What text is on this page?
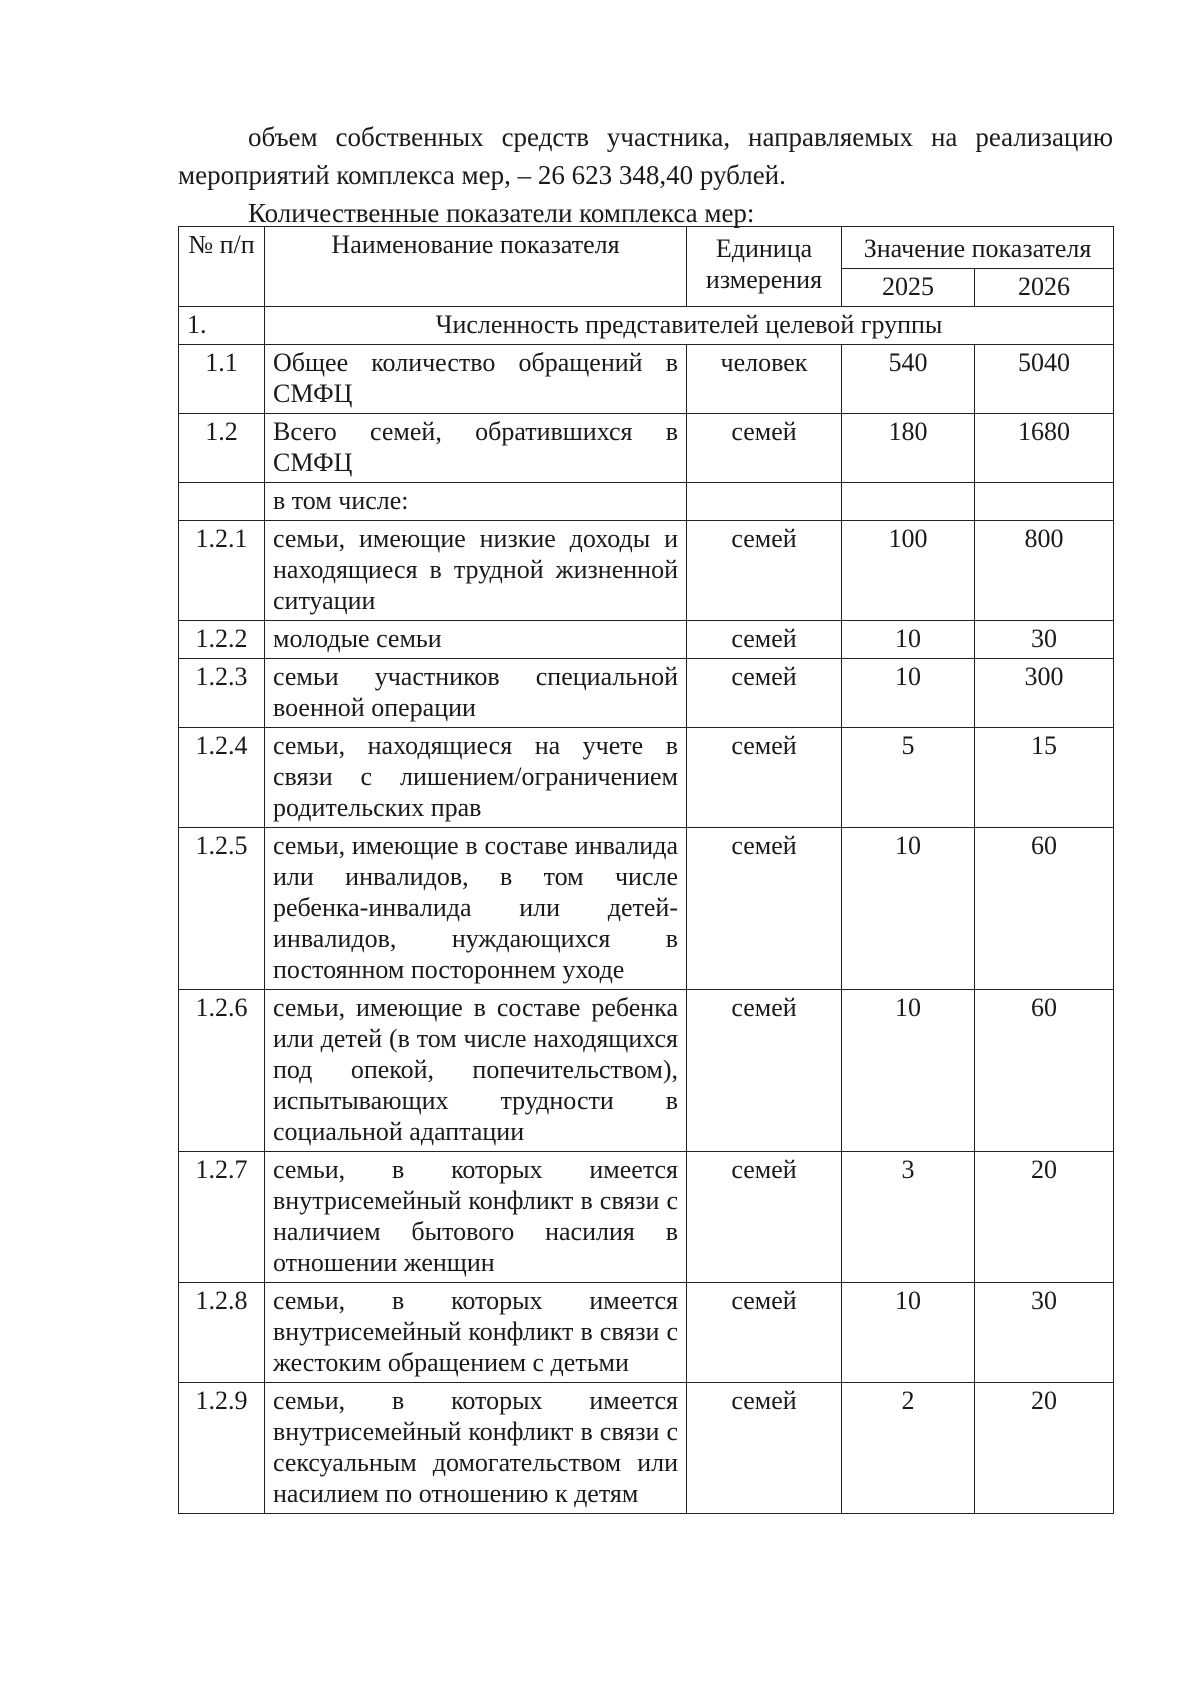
объем собственных средств участника, направляемых на реализацию мероприятий комплекса мер, – 26 623 348,40 рублей.

Количественные показатели комплекса мер:

№ п/п	Наименование показателя	Единица измерения	Значение показателя	
			2025	2026
1.	Численность представителей целевой группы			
1.1	Общее количество обращений в СМФЦ	человек	540	5040
1.2	Всего семей, обратившихся в СМФЦ	семей	180	1680
	в том числе:			
1.2.1	семьи, имеющие низкие доходы и находящиеся в трудной жизненной ситуации	семей	100	800
1.2.2	молодые семьи	семей	10	30
1.2.3	семьи участников специальной военной операции	семей	10	300
1.2.4	семьи, находящиеся на учете в связи с лишением/ограничением родительских прав	семей	5	15
1.2.5	семьи, имеющие в составе инвалида или инвалидов, в том числе ребенка-инвалида или детей-инвалидов, нуждающихся в постоянном постороннем уходе	семей	10	60
1.2.6	семьи, имеющие в составе ребенка или детей (в том числе находящихся под опекой, попечительством), испытывающих трудности в социальной адаптации	семей	10	60
1.2.7	семьи, в которых имеется внутрисемейный конфликт в связи с наличием бытового насилия в отношении женщин	семей	3	20
1.2.8	семьи, в которых имеется внутрисемейный конфликт в связи с жестоким обращением с детьми	семей	10	30
1.2.9	семьи, в которых имеется внутрисемейный конфликт в связи с сексуальным домогательством или насилием по отношению к детям	семей	2	20
